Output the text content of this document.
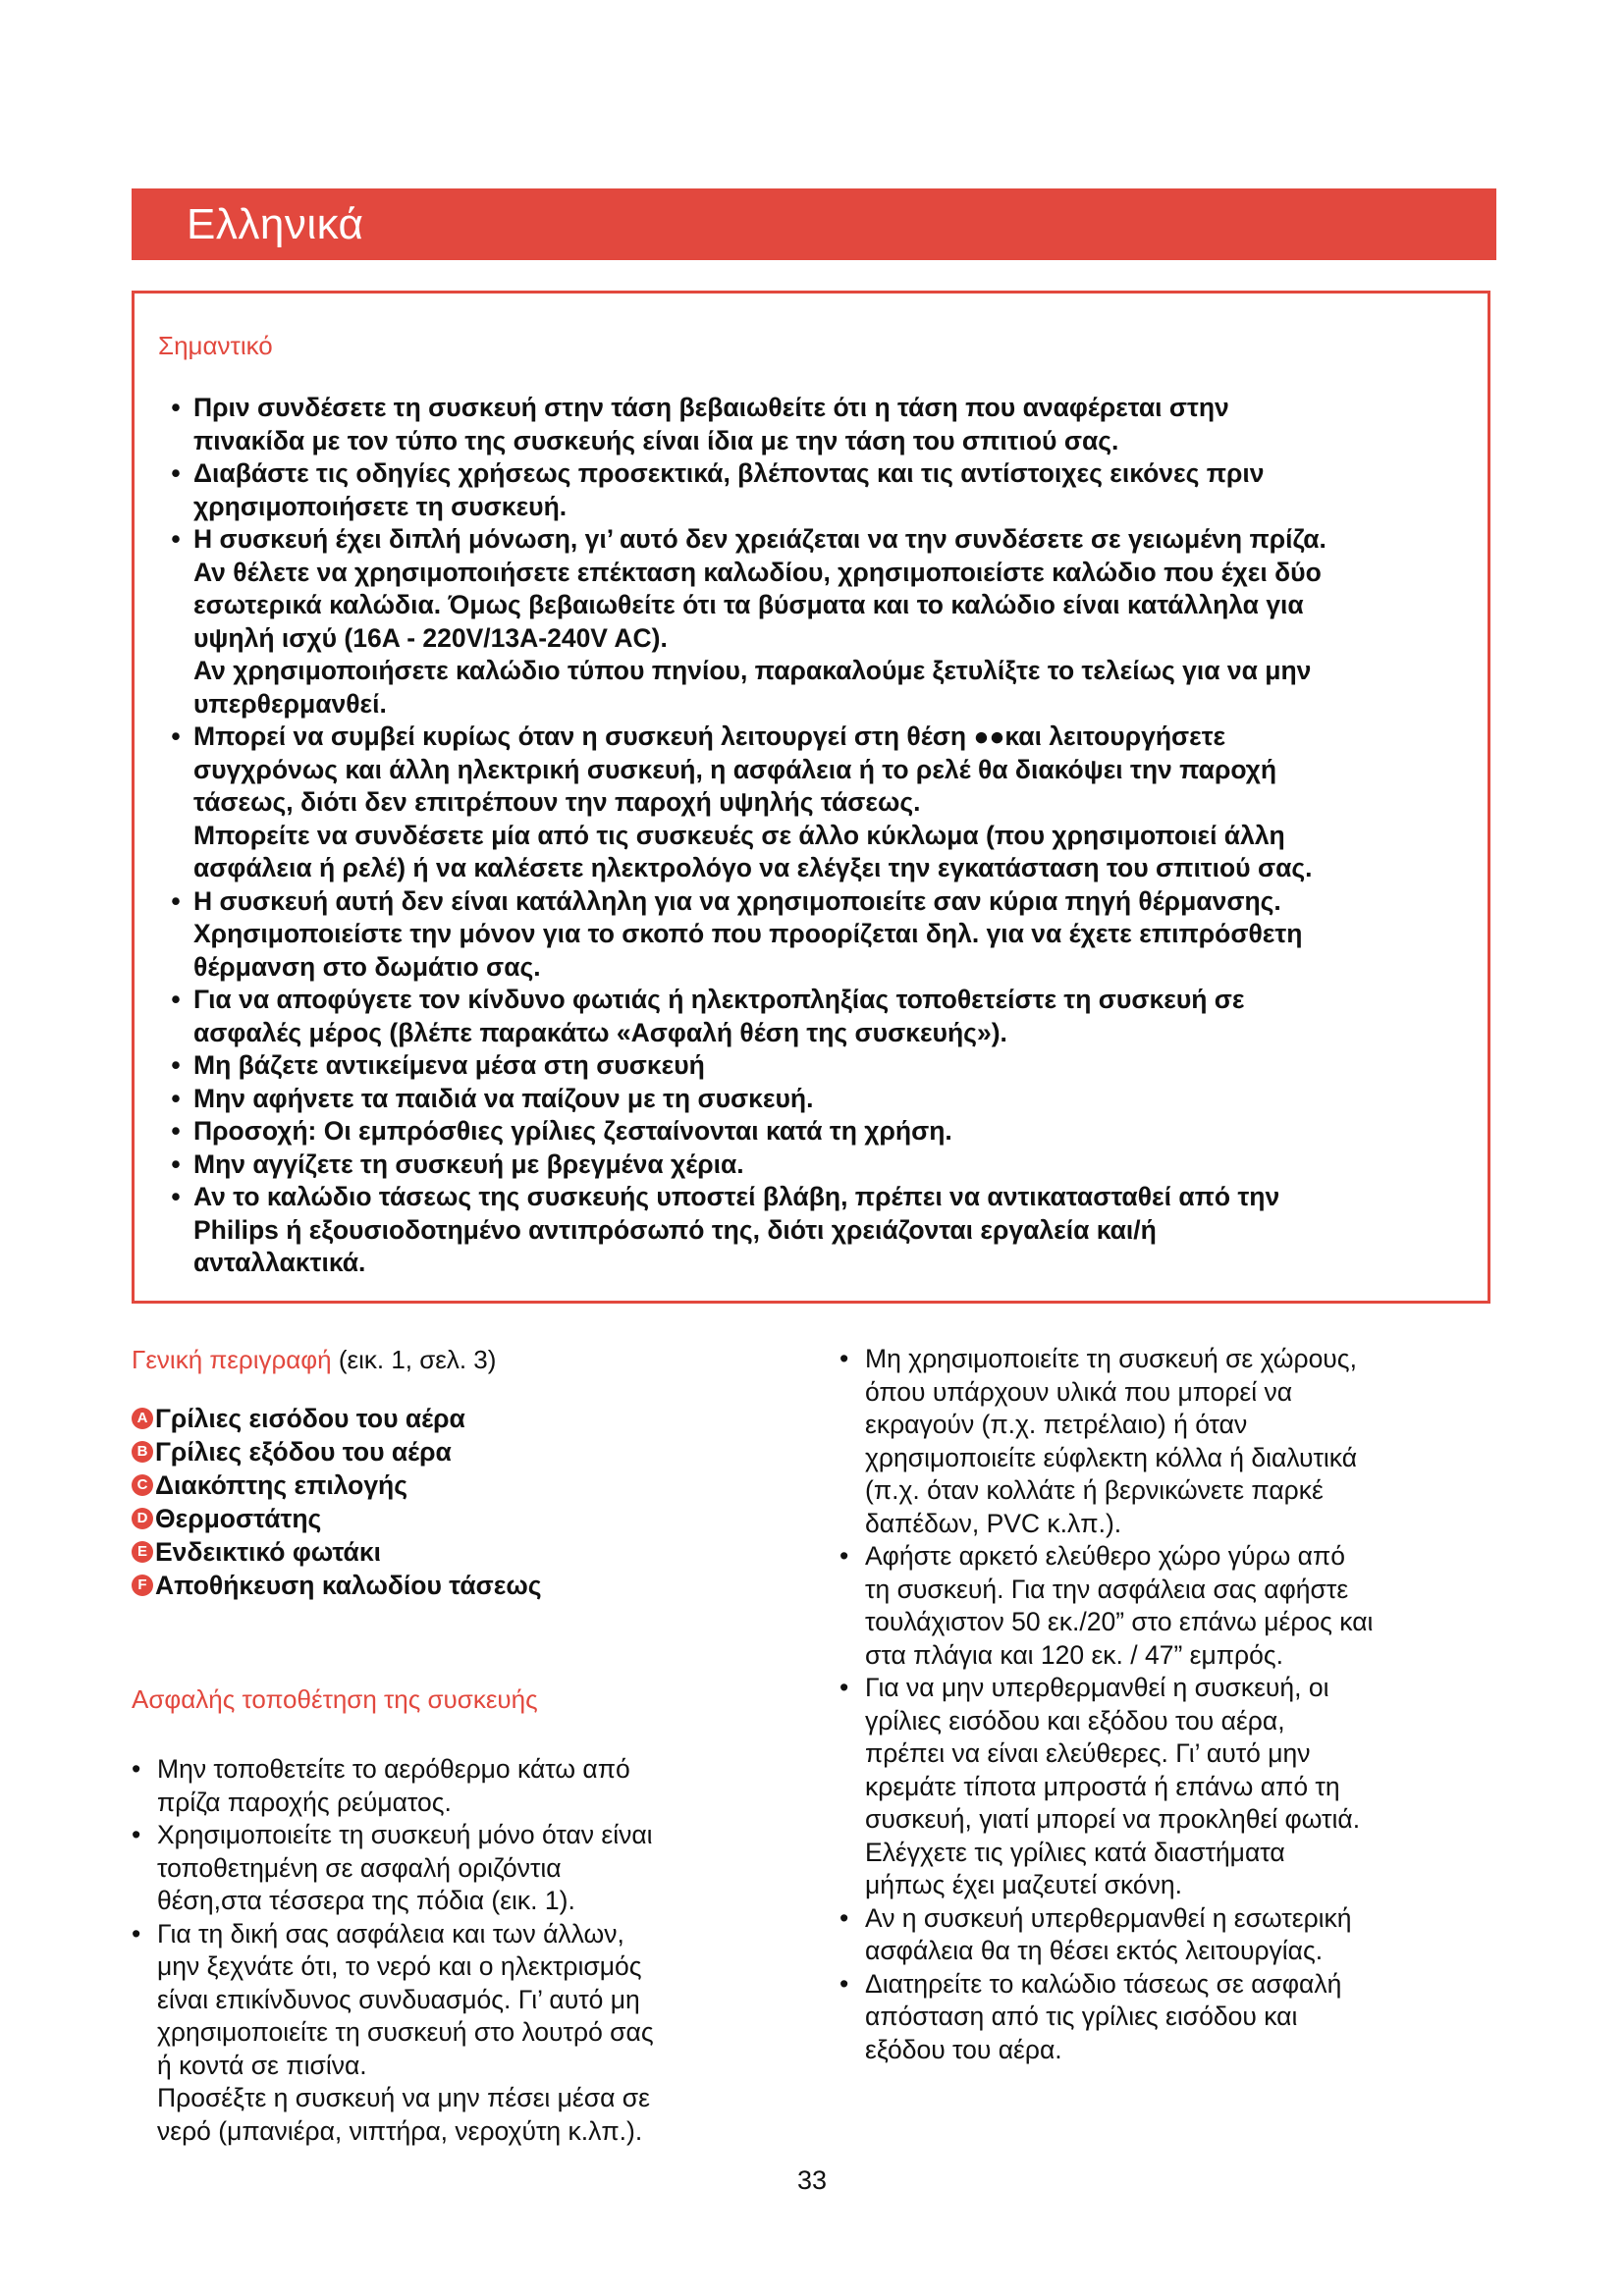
Ελληνικά
Σημαντικό
• Πριν συνδέσετε τη συσκευή στην τάση βεβαιωθείτε ότι η τάση που αναφέρεται στην
πινακίδα με τον τύπο της συσκευής είναι ίδια με την τάση του σπιτιού σας.
• Διαβάστε τις οδηγίες χρήσεως προσεκτικά, βλέποντας και τις αντίστοιχες εικόνες πριν
χρησιμοποιήσετε τη συσκευή.
• Η συσκευή έχει διπλή μόνωση, γι’ αυτό δεν χρειάζεται να την συνδέσετε σε γειωμένη πρίζα.
Αν θέλετε να χρησιμοποιήσετε επέκταση καλωδίου, χρησιμοποιείστε καλώδιο που έχει δύο
εσωτερικά καλώδια. Όμως βεβαιωθείτε ότι τα βύσματα και το καλώδιο είναι κατάλληλα για
υψηλή ισχύ (16A - 220V/13A-240V AC).
Αν χρησιμοποιήσετε καλώδιο τύπου πηνίου, παρακαλούμε ξετυλίξτε το τελείως για να μην
υπερθερμανθεί.
• Μπορεί να συμβεί κυρίως όταν η συσκευή λειτουργεί στη θέση ●●και λειτουργήσετε
συγχρόνως και άλλη ηλεκτρική συσκευή, η ασφάλεια ή το ρελέ θα διακόψει την παροχή
τάσεως, διότι δεν επιτρέπουν την παροχή υψηλής τάσεως.
Μπορείτε να συνδέσετε μία από τις συσκευές σε άλλο κύκλωμα (που χρησιμοποιεί άλλη
ασφάλεια ή ρελέ) ή να καλέσετε ηλεκτρολόγο να ελέγξει την εγκατάσταση του σπιτιού σας.
• Η συσκευή αυτή δεν είναι κατάλληλη για να χρησιμοποιείτε σαν κύρια πηγή θέρμανσης.
Χρησιμοποιείστε την μόνον για το σκοπό που προορίζεται δηλ. για να έχετε επιπρόσθετη
θέρμανση στο δωμάτιο σας.
• Για να αποφύγετε τον κίνδυνο φωτιάς ή ηλεκτροπληξίας τοποθετείστε τη συσκευή σε
ασφαλές μέρος (βλέπε παρακάτω «Ασφαλή θέση της συσκευής»).
• Μη βάζετε αντικείμενα μέσα στη συσκευή
• Μην αφήνετε τα παιδιά να παίζουν με τη συσκευή.
• Προσοχή: Οι εμπρόσθιες γρίλιες ζεσταίνονται κατά τη χρήση.
• Μην αγγίζετε τη συσκευή με βρεγμένα χέρια.
• Αν το καλώδιο τάσεως της συσκευής υποστεί βλάβη, πρέπει να αντικατασταθεί από την
Philips ή εξουσιοδοτημένο αντιπρόσωπό της, διότι χρειάζονται εργαλεία και/ή
ανταλλακτικά.
Γενική περιγραφή (εικ. 1, σελ. 3)
A Γρίλιες εισόδου του αέρα
B Γρίλιες εξόδου του αέρα
C Διακόπτης επιλογής
D Θερμοστάτης
E Ενδεικτικό φωτάκι
F Αποθήκευση καλωδίου τάσεως
Ασφαλής τοποθέτηση της συσκευής
• Μην τοποθετείτε το αερόθερμο κάτω από
πρίζα παροχής ρεύματος.
• Χρησιμοποιείτε τη συσκευή μόνο όταν είναι
τοποθετημένη σε ασφαλή οριζόντια
θέση,στα τέσσερα της πόδια (εικ. 1).
• Για τη δική σας ασφάλεια και των άλλων,
μην ξεχνάτε ότι, το νερό και ο ηλεκτρισμός
είναι επικίνδυνος συνδυασμός. Γι’ αυτό μη
χρησιμοποιείτε τη συσκευή στο λουτρό σας
ή κοντά σε πισίνα.
Προσέξτε η συσκευή να μην πέσει μέσα σε
νερό (μπανιέρα, νιπτήρα, νεροχύτη κ.λπ.).
• Μη χρησιμοποιείτε τη συσκευή σε χώρους,
όπου υπάρχουν υλικά που μπορεί να
εκραγούν (π.χ. πετρέλαιο) ή όταν
χρησιμοποιείτε εύφλεκτη κόλλα ή διαλυτικά
(π.χ. όταν κολλάτε ή βερνικώνετε παρκέ
δαπέδων, PVC κ.λπ.).
• Αφήστε αρκετό ελεύθερο χώρο γύρω από
τη συσκευή. Για την ασφάλεια σας αφήστε
τουλάχιστον 50 εκ./20” στο επάνω μέρος και
στα πλάγια και 120 εκ. / 47” εμπρός.
• Για να μην υπερθερμανθεί η συσκευή, οι
γρίλιες εισόδου και εξόδου του αέρα,
πρέπει να είναι ελεύθερες. Γι’ αυτό μην
κρεμάτε τίποτα μπροστά ή επάνω από τη
συσκευή, γιατί μπορεί να προκληθεί φωτιά.
Ελέγχετε τις γρίλιες κατά διαστήματα
μήπως έχει μαζευτεί σκόνη.
• Αν η συσκευή υπερθερμανθεί η εσωτερική
ασφάλεια θα τη θέσει εκτός λειτουργίας.
• Διατηρείτε το καλώδιο τάσεως σε ασφαλή
απόσταση από τις γρίλιες εισόδου και
εξόδου του αέρα.
33
